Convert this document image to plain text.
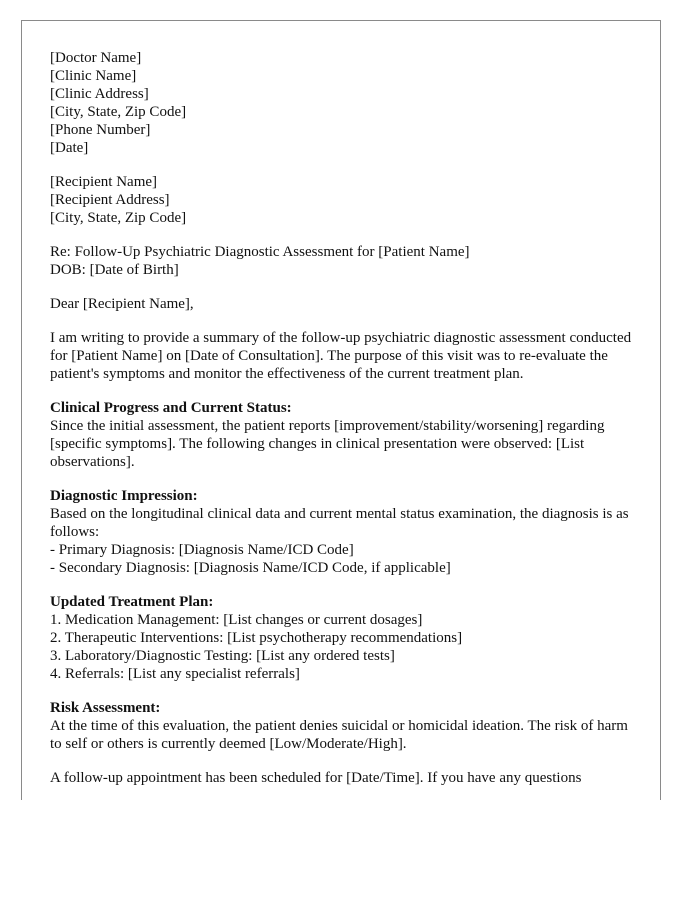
[Doctor Name]
[Clinic Name]
[Clinic Address]
[City, State, Zip Code]
[Phone Number]
[Date]
[Recipient Name]
[Recipient Address]
[City, State, Zip Code]
Re: Follow-Up Psychiatric Diagnostic Assessment for [Patient Name]
DOB: [Date of Birth]

Dear [Recipient Name],

I am writing to provide a summary of the follow-up psychiatric diagnostic assessment conducted for [Patient Name] on [Date of Consultation]. The purpose of this visit was to re-evaluate the patient's symptoms and monitor the effectiveness of the current treatment plan.

Clinical Progress and Current Status:
Since the initial assessment, the patient reports [improvement/stability/worsening] regarding [specific symptoms]. The following changes in clinical presentation were observed: [List observations].
Diagnostic Impression:
Based on the longitudinal clinical data and current mental status examination, the diagnosis is as follows:
- Primary Diagnosis: [Diagnosis Name/ICD Code]
- Secondary Diagnosis: [Diagnosis Name/ICD Code, if applicable]
Updated Treatment Plan:
1. Medication Management: [List changes or current dosages]
2. Therapeutic Interventions: [List psychotherapy recommendations]
3. Laboratory/Diagnostic Testing: [List any ordered tests]
4. Referrals: [List any specialist referrals]
Risk Assessment:
At the time of this evaluation, the patient denies suicidal or homicidal ideation. The risk of harm to self or others is currently deemed [Low/Moderate/High].

A follow-up appointment has been scheduled for [Date/Time]. If you have any questions
